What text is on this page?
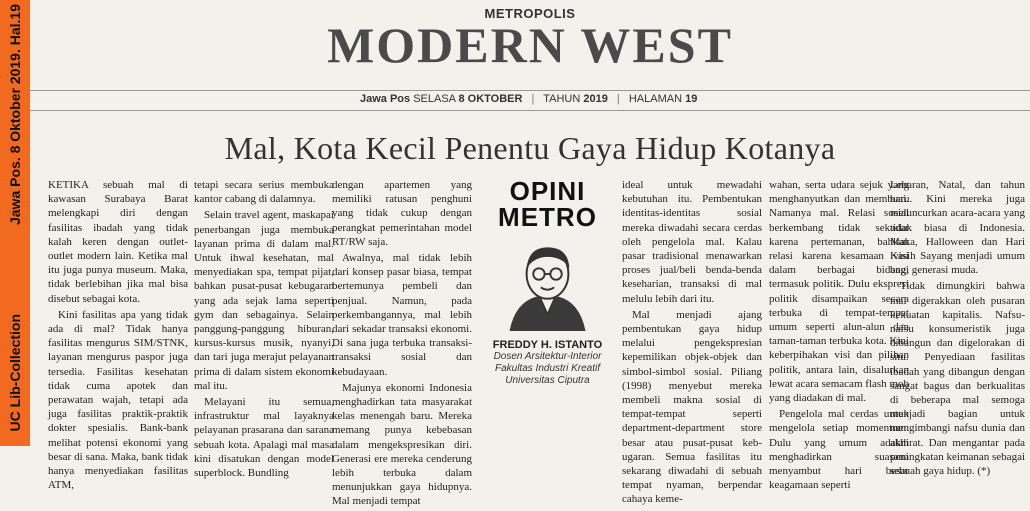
Jawa Pos. 8 Oktober 2019. Hal.19
UC Lib-Collection
METROPOLIS
MODERN WEST
Jawa Pos SELASA 8 OKTOBER | TAHUN 2019 | HALAMAN 19
Mal, Kota Kecil Penentu Gaya Hidup Kotanya

KETIKA sebuah mal di kawasan Surabaya Barat melengkapi diri dengan fasilitas ibadah yang tidak kalah keren dengan outlet-outlet modern lain. Ketika mal itu juga punya museum. Maka, tidak berlebihan jika mal bisa disebut sebagai kota.

Kini fasilitas apa yang tidak ada di mal? Tidak hanya fasilitas mengurus SIM/STNK, layanan mengurus paspor juga tersedia. Fasilitas kesehatan tidak cuma apotek dan perawatan wajah, tetapi ada juga fasilitas praktik-praktik dokter spesialis. Bank-bank melihat potensi ekonomi yang besar di sana. Maka, bank tidak hanya menyediakan fasilitas ATM,

tetapi secara serius membuka kantor cabang di dalamnya.

Selain travel agent, maskapai penerbangan juga membuka layanan prima di dalam mal. Untuk ihwal kesehatan, mal menyediakan spa, tempat pijat, bahkan pusat-pusat kebugaran yang ada sejak lama seperti gym dan sebagainya. Selain panggung-panggung hiburan, kursus-kursus musik, nyanyi, dan tari juga merajut pelayanan prima di dalam sistem ekonomi mal itu.

Melayani itu semua, infrastruktur mal layaknya pelayanan prasarana dan sarana sebuah kota. Apalagi mal masa kini disatukan dengan model superblock. Bundling

dengan apartemen yang memiliki ratusan penghuni yang tidak cukup dengan perangkat pemerintahan model RT/RW saja.

Awalnya, mal tidak lebih dari konsep pasar biasa, tempat bertemunya pembeli dan penjual. Namun, pada perkembangannya, mal lebih dari sekadar transaksi ekonomi. Di sana juga terbuka transaksi-transaksi sosial dan kebudayaan.

Majunya ekonomi Indonesia menghadirkan tata masyarakat kelas menengah baru. Mereka memang punya kebebasan dalam mengekspresikan diri. Generasi ere mereka cenderung lebih terbuka dalam menunjukkan gaya hidupnya. Mal menjadi tempat

OPINI
METRO
FREDDY H. ISTANTO
Dosen Arsitektur-Interior
Fakultas Industri Kreatif
Universitas Ciputra

ideal untuk mewadahi kebutuhan itu. Pembentukan identitas-identitas sosial mereka diwadahi secara cerdas oleh pengelola mal. Kalau pasar tradisional menawarkan proses jual/beli benda-benda keseharian, transaksi di mal melulu lebih dari itu.

Mal menjadi ajang pembentukan gaya hidup melalui pengekspresian kepemilikan objek-objek dan simbol-simbol sosial. Piliang (1998) menyebut mereka membeli makna sosial di tempat-tempat seperti department-department store besar atau pusat-pusat kebugaran. Semua fasilitas itu sekarang diwadahi di sebuah tempat nyaman, berpendar cahaya keme-

wahan, serta udara sejuk yang menghanyutkan dan membuai. Namanya mal. Relasi sosial berkembang tidak sekadar karena pertemanan, bahkan relasi karena kesamaan visi dalam berbagai bidang, termasuk politik. Dulu ekspresi politik disampaikan secara terbuka di tempat-tempat umum seperti alun-alun dan taman-taman terbuka kota. Kini keberpihakan visi dan pilihan politik, antara lain, disalurkan lewat acara semacam flash mob yang diadakan di mal.

Pengelola mal cerdas untuk mengelola setiap momentum. Dulu yang umum adalah menghadirkan suasana menyambut hari besar keagamaan seperti

Lebaran, Natal, dan tahun baru. Kini mereka juga meluncurkan acara-acara yang tidak biasa di Indonesia. Maka, Halloween dan Hari Kasih Sayang menjadi umum bagi generasi muda.

Tidak dimungkiri bahwa mal digerakkan oleh pusaran kekuatan kapitalis. Nafsu-nafsu konsumeristik juga dibangun dan digelorakan di situ. Penyediaan fasilitas ibadah yang dibangun dengan sangat bagus dan berkualitas di beberapa mal semoga menjadi bagian untuk mengimbangi nafsu dunia dan akhirat. Dan mengantar pada peningkatan keimanan sebagai sebuah gaya hidup. (*)
